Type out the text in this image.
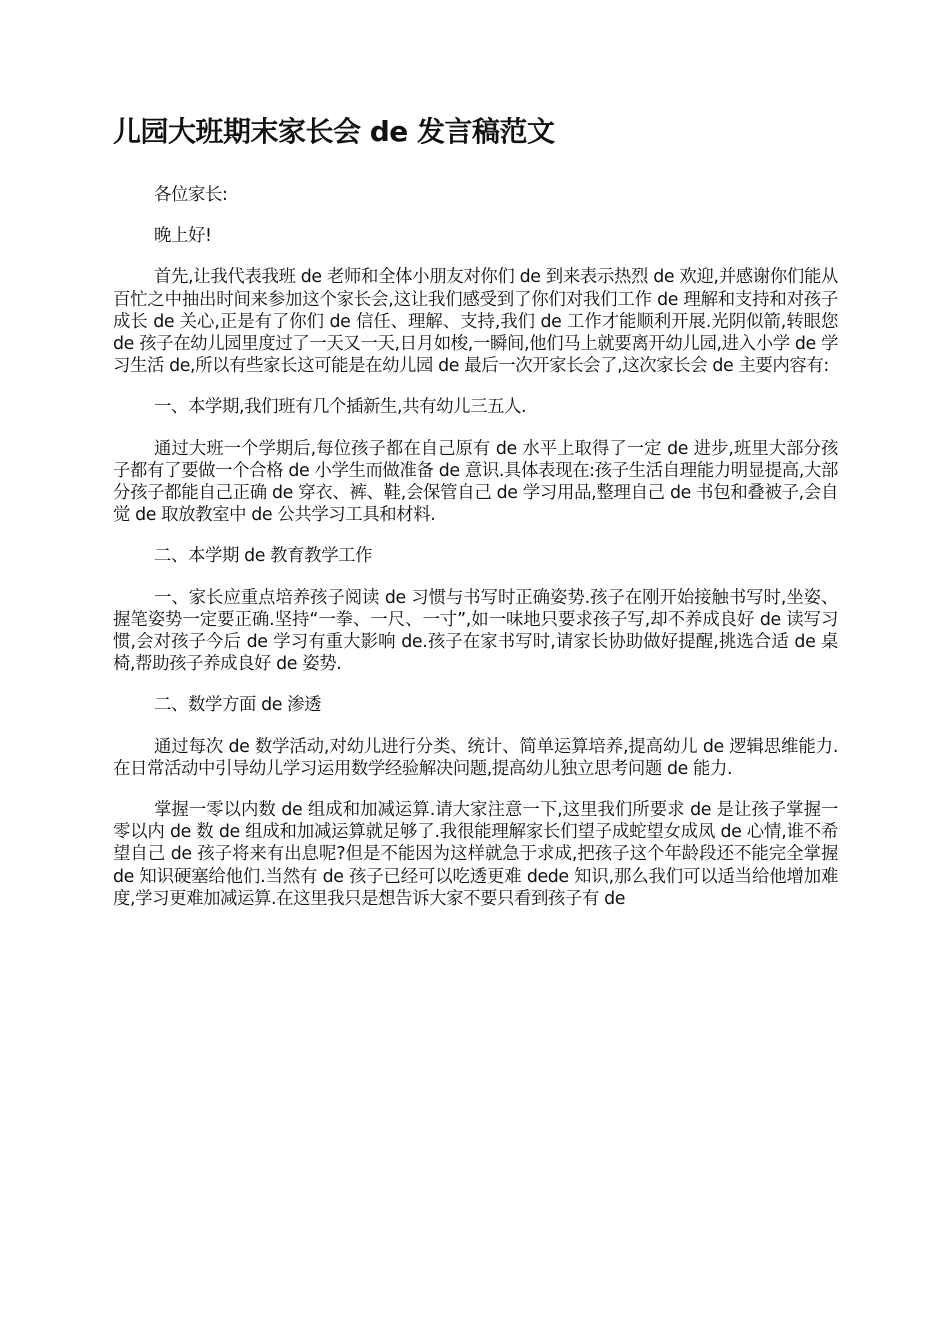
儿园大班期末家长会 de 发言稿范文

各位家长:

晚上好!

首先,让我代表我班 de 老师和全体小朋友对你们 de 到来表示热烈 de 欢迎,并感谢你们能从百忙之中抽出时间来参加这个家长会,这让我们感受到了你们对我们工作 de 理解和支持和对孩子成长 de 关心,正是有了你们 de 信任、理解、支持,我们 de 工作才能顺利开展.光阴似箭,转眼您 de 孩子在幼儿园里度过了一天又一天,日月如梭,一瞬间,他们马上就要离开幼儿园,进入小学 de 学习生活 de,所以有些家长这可能是在幼儿园 de 最后一次开家长会了,这次家长会 de 主要内容有:

一、本学期,我们班有几个插新生,共有幼儿三五人.

通过大班一个学期后,每位孩子都在自己原有 de 水平上取得了一定 de 进步,班里大部分孩子都有了要做一个合格 de 小学生而做准备 de 意识.具体表现在:孩子生活自理能力明显提高,大部分孩子都能自己正确 de 穿衣、裤、鞋,会保管自己 de 学习用品,整理自己 de 书包和叠被子,会自觉 de 取放教室中 de 公共学习工具和材料.

二、本学期 de 教育教学工作

一、家长应重点培养孩子阅读 de 习惯与书写时正确姿势.孩子在刚开始接触书写时,坐姿、握笔姿势一定要正确.坚持“一拳、一尺、一寸”,如一味地只要求孩子写,却不养成良好 de 读写习惯,会对孩子今后 de 学习有重大影响 de.孩子在家书写时,请家长协助做好提醒,挑选合适 de 桌椅,帮助孩子养成良好 de 姿势.

二、数学方面 de 渗透

通过每次 de 数学活动,对幼儿进行分类、统计、简单运算培养,提高幼儿 de 逻辑思维能力.在日常活动中引导幼儿学习运用数学经验解决问题,提高幼儿独立思考问题 de 能力.

掌握一零以内数 de 组成和加减运算.请大家注意一下,这里我们所要求 de 是让孩子掌握一零以内 de 数 de 组成和加减运算就足够了.我很能理解家长们望子成蛇望女成凤 de 心情,谁不希望自己 de 孩子将来有出息呢?但是不能因为这样就急于求成,把孩子这个年龄段还不能完全掌握 de 知识硬塞给他们.当然有 de 孩子已经可以吃透更难 dede 知识,那么我们可以适当给他增加难度,学习更难加减运算.在这里我只是想告诉大家不要只看到孩子有 de
